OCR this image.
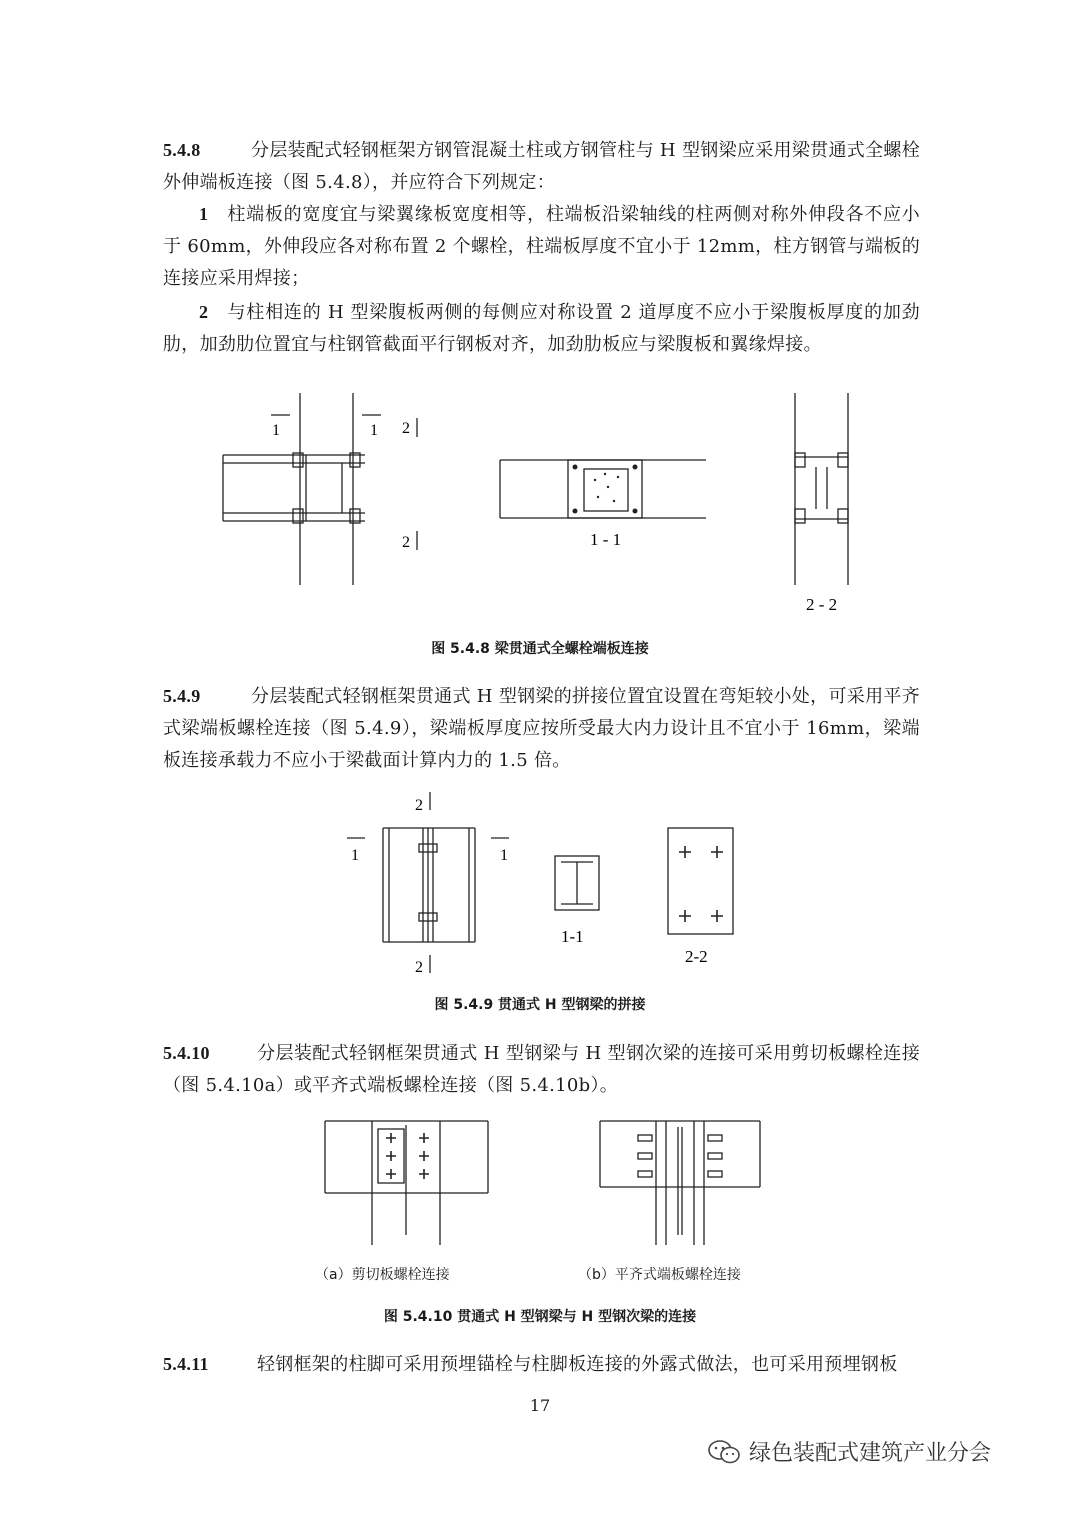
5.4.8	分层装配式轻钢框架方钢管混凝土柱或方钢管柱与 H 型钢梁应采用梁贯通式全螺栓外伸端板连接（图 5.4.8），并应符合下列规定：
1 柱端板的宽度宜与梁翼缘板宽度相等，柱端板沿梁轴线的柱两侧对称外伸段各不应小于 60mm，外伸段应各对称布置 2 个螺栓，柱端板厚度不宜小于 12mm，柱方钢管与端板的连接应采用焊接；
2 与柱相连的 H 型梁腹板两侧的每侧应对称设置 2 道厚度不应小于梁腹板厚度的加劲肋，加劲肋位置宜与柱钢管截面平行钢板对齐，加劲肋板应与梁腹板和翼缘焊接。
1	1 2
2	1 - 1
2 - 2
图 5.4.8 梁贯通式全螺栓端板连接
5.4.9	分层装配式轻钢框架贯通式 H 型钢梁的拼接位置宜设置在弯矩较小处，可采用平齐式梁端板螺栓连接（图 5.4.9），梁端板厚度应按所受最大内力设计且不宜小于 16mm，梁端板连接承载力不应小于梁截面计算内力的 1.5 倍。
1	1
2
2
1-1
2-2
图 5.4.9 贯通式 H 型钢梁的拼接
5.4.10	分层装配式轻钢框架贯通式 H 型钢梁与 H 型钢次梁的连接可采用剪切板螺栓连接（图 5.4.10a）或平齐式端板螺栓连接（图 5.4.10b）。
（a）剪切板螺栓连接	（b）平齐式端板螺栓连接
图 5.4.10 贯通式 H 型钢梁与 H 型钢次梁的连接
5.4.11	轻钢框架的柱脚可采用预埋锚栓与柱脚板连接的外露式做法，也可采用预埋钢板
17
绿色装配式建筑产业分会
